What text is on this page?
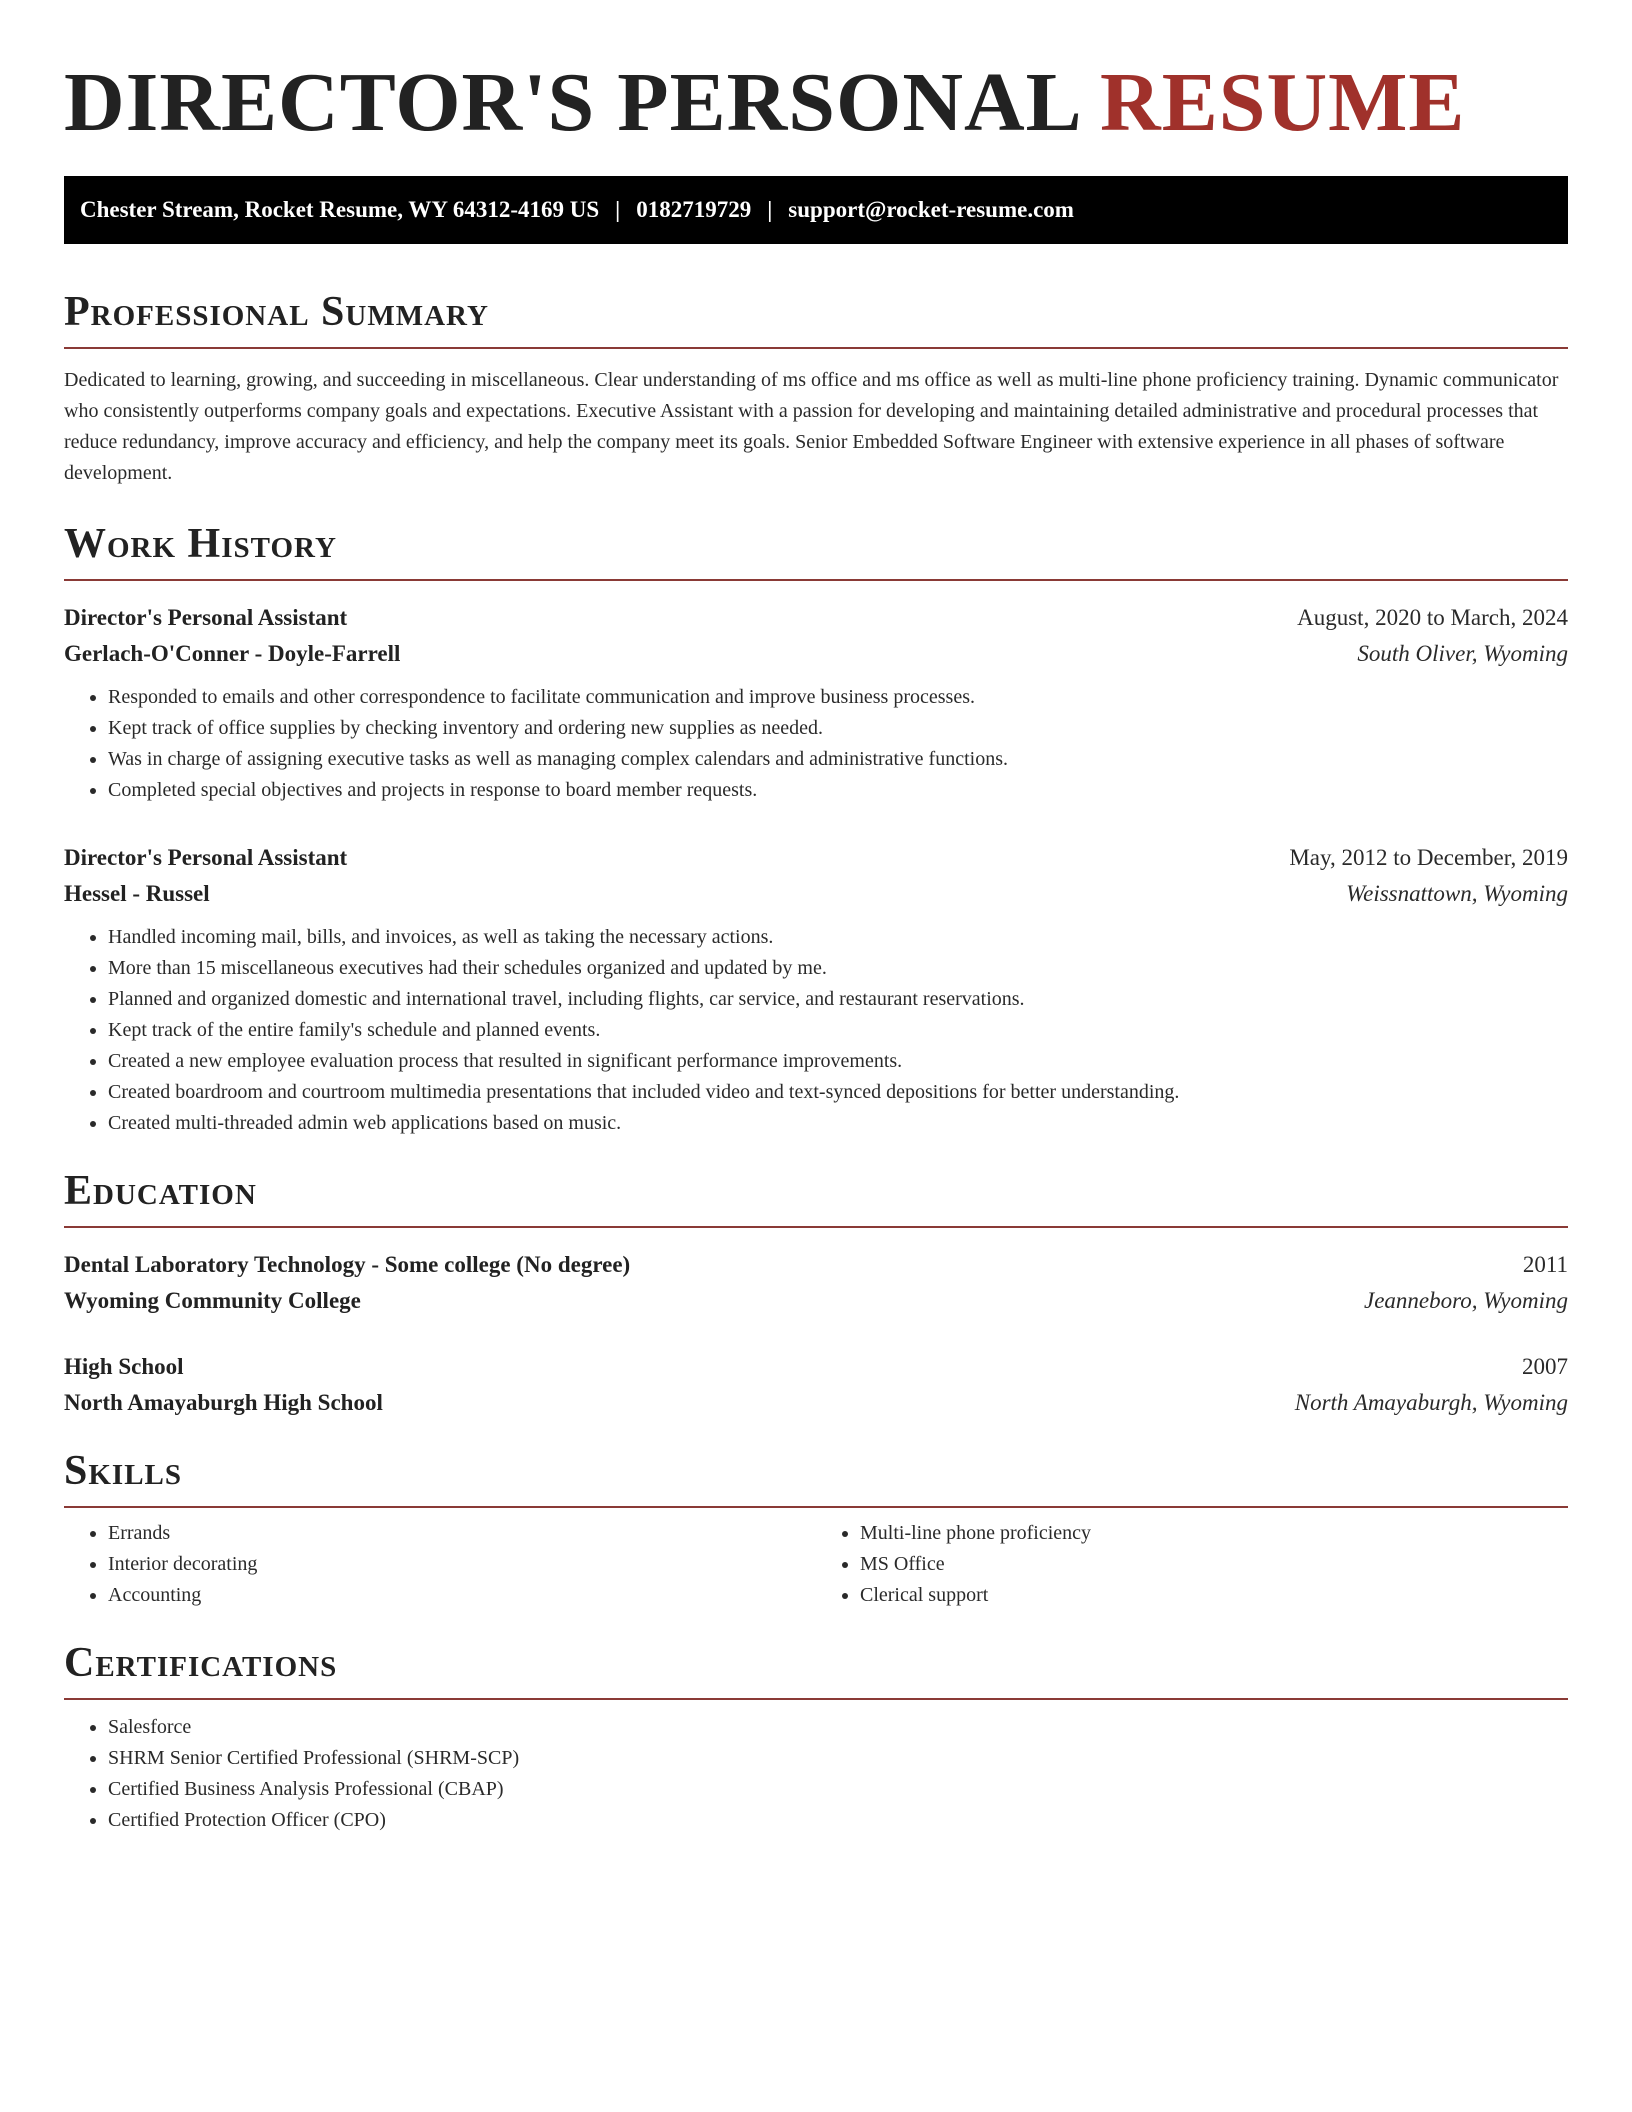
DIRECTOR'S PERSONAL RESUME
Chester Stream, Rocket Resume, WY 64312-4169 US | 0182719729 | support@rocket-resume.com
Professional Summary

Dedicated to learning, growing, and succeeding in miscellaneous. Clear understanding of ms office and ms office as well as multi-line phone proficiency training. Dynamic communicator who consistently outperforms company goals and expectations. Executive Assistant with a passion for developing and maintaining detailed administrative and procedural processes that reduce redundancy, improve accuracy and efficiency, and help the company meet its goals. Senior Embedded Software Engineer with extensive experience in all phases of software development.

Work History
Director's Personal Assistant	August, 2020 to March, 2024
Gerlach-O'Conner - Doyle-Farrell	South Oliver, Wyoming
• Responded to emails and other correspondence to facilitate communication and improve business processes.
• Kept track of office supplies by checking inventory and ordering new supplies as needed.
• Was in charge of assigning executive tasks as well as managing complex calendars and administrative functions.
• Completed special objectives and projects in response to board member requests.
Director's Personal Assistant	May, 2012 to December, 2019
Hessel - Russel	Weissnattown, Wyoming
• Handled incoming mail, bills, and invoices, as well as taking the necessary actions.
• More than 15 miscellaneous executives had their schedules organized and updated by me.
• Planned and organized domestic and international travel, including flights, car service, and restaurant reservations.
• Kept track of the entire family's schedule and planned events.
• Created a new employee evaluation process that resulted in significant performance improvements.
• Created boardroom and courtroom multimedia presentations that included video and text-synced depositions for better understanding.
• Created multi-threaded admin web applications based on music.
Education
Dental Laboratory Technology - Some college (No degree)	2011
Wyoming Community College	Jeanneboro, Wyoming
High School	2007
North Amayaburgh High School	North Amayaburgh, Wyoming
Skills
• Errands
• Interior decorating
• Accounting
• Multi-line phone proficiency
• MS Office
• Clerical support
Certifications
• Salesforce
• SHRM Senior Certified Professional (SHRM-SCP)
• Certified Business Analysis Professional (CBAP)
• Certified Protection Officer (CPO)
